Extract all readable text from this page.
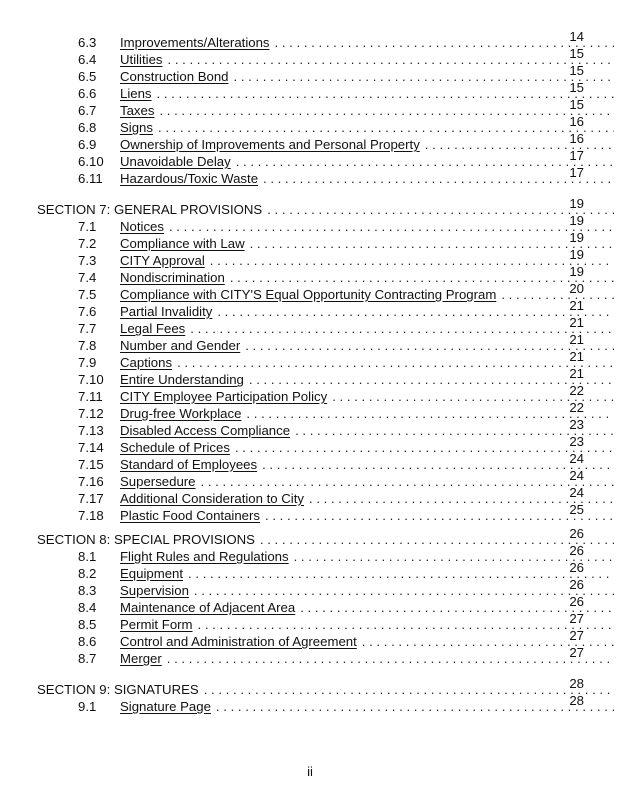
6.3	Improvements/Alterations . . .	14
6.4	Utilities . . .	15
6.5	Construction Bond . . .	15
6.6	Liens . . .	15
6.7	Taxes . . .	15
6.8	Signs . . .	16
6.9	Ownership of Improvements and Personal Property . . .	16
6.10	Unavoidable Delay . . .	17
6.11	Hazardous/Toxic Waste . . .	17
SECTION 7: GENERAL PROVISIONS . . .	19
7.1	Notices . . .	19
7.2	Compliance with Law . . .	19
7.3	CITY Approval . . .	19
7.4	Nondiscrimination . . .	19
7.5	Compliance with CITY'S Equal Opportunity Contracting Program . . .	20
7.6	Partial Invalidity . . .	21
7.7	Legal Fees . . .	21
7.8	Number and Gender . . .	21
7.9	Captions . . .	21
7.10	Entire Understanding . . .	21
7.11	CITY Employee Participation Policy . . .	22
7.12	Drug-free Workplace . . .	22
7.13	Disabled Access Compliance . . .	23
7.14	Schedule of Prices . . .	23
7.15	Standard of Employees . . .	24
7.16	Supersedure . . .	24
7.17	Additional Consideration to City . . .	24
7.18	Plastic Food Containers . . .	25
SECTION 8: SPECIAL PROVISIONS . . .	26
8.1	Flight Rules and Regulations . . .	26
8.2	Equipment . . .	26
8.3	Supervision . . .	26
8.4	Maintenance of Adjacent Area . . .	26
8.5	Permit Form . . .	27
8.6	Control and Administration of Agreement . . .	27
8.7	Merger . . .	27
SECTION 9: SIGNATURES . . .	28
9.1	Signature Page . . .	28
ii
